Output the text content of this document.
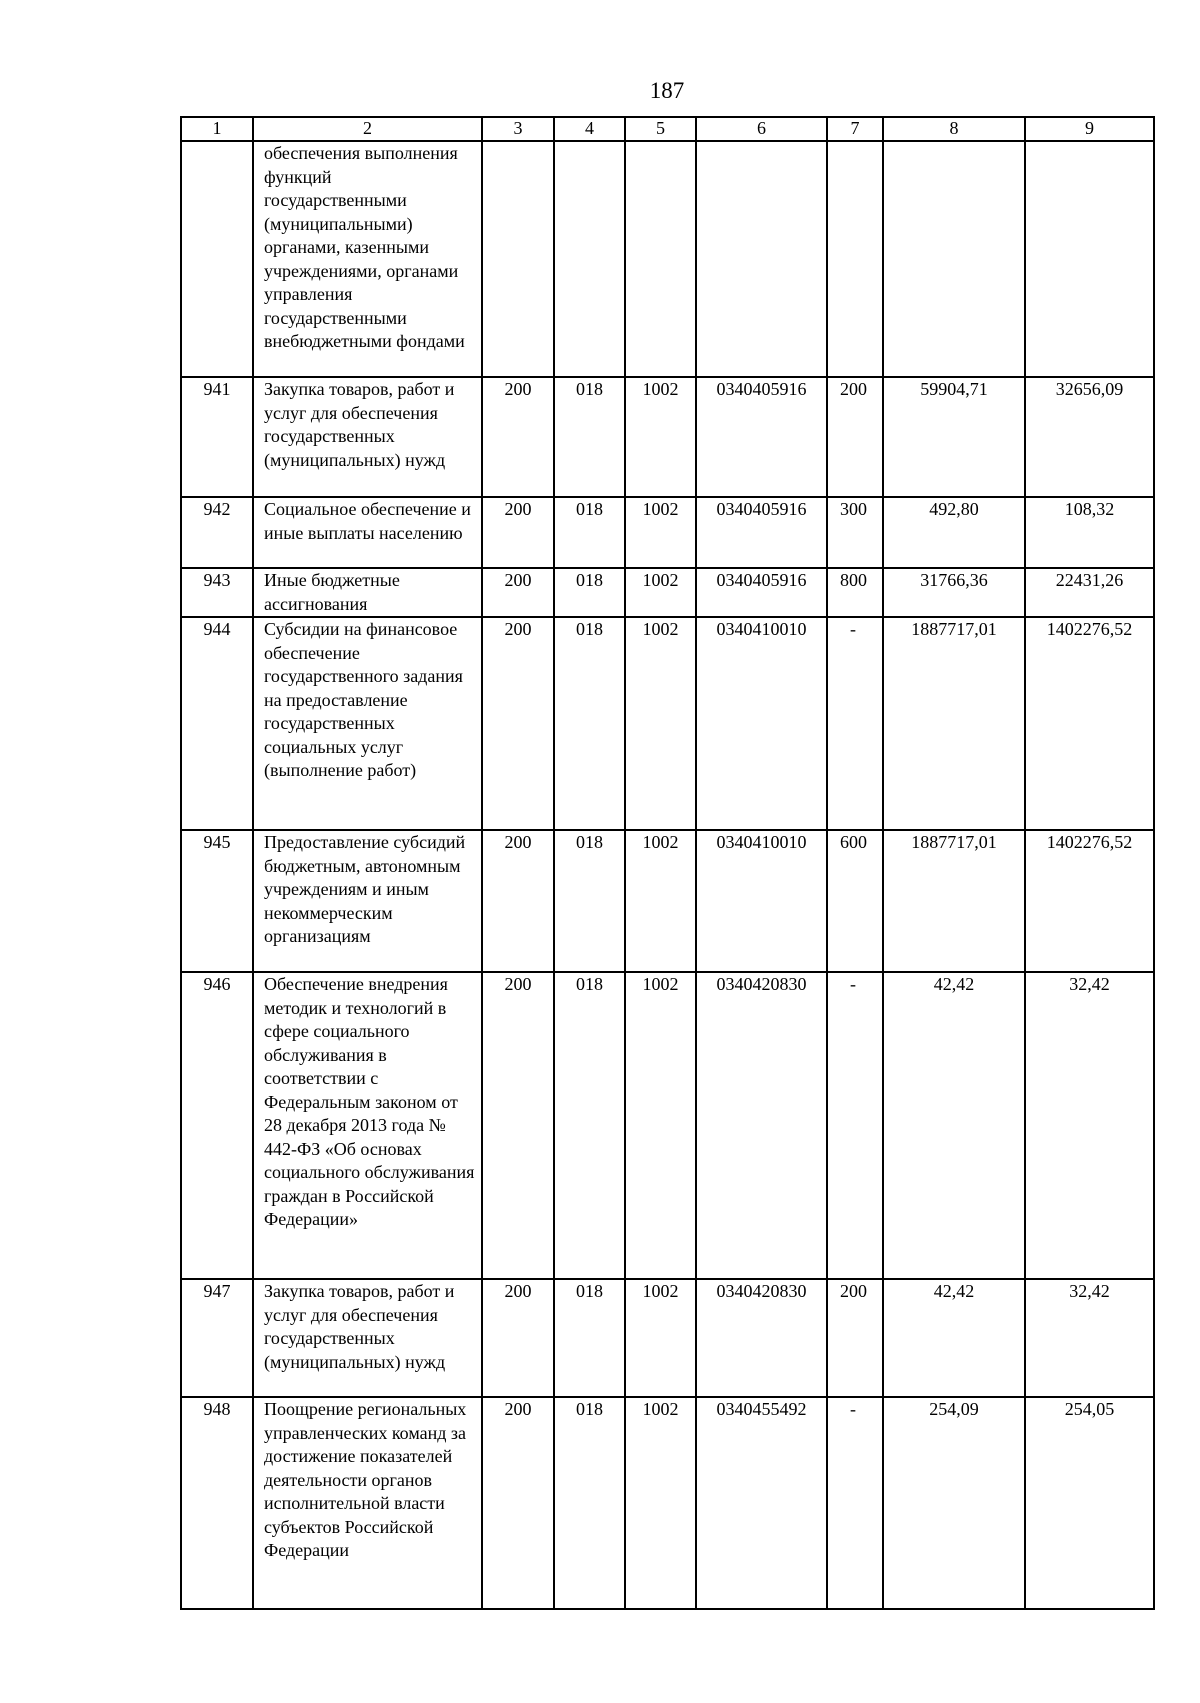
187
1	2	3	4	5	6	7	8	9
	обеспечения выполнения функций государственными (муниципальными) органами, казенными учреждениями, органами управления государственными внебюджетными фондами							
941	Закупка товаров, работ и услуг для обеспечения государственных (муниципальных) нужд	200	018	1002	0340405916	200	59904,71	32656,09
942	Социальное обеспечение и иные выплаты населению	200	018	1002	0340405916	300	492,80	108,32
943	Иные бюджетные ассигнования	200	018	1002	0340405916	800	31766,36	22431,26
944	Субсидии на финансовое обеспечение государственного задания на предоставление государственных социальных услуг (выполнение работ)	200	018	1002	0340410010	-	1887717,01	1402276,52
945	Предоставление субсидий бюджетным, автономным учреждениям и иным некоммерческим организациям	200	018	1002	0340410010	600	1887717,01	1402276,52
946	Обеспечение внедрения методик и технологий в сфере социального обслуживания в соответствии с Федеральным законом от 28 декабря 2013 года № 442-ФЗ «Об основах социального обслуживания граждан в Российской Федерации»	200	018	1002	0340420830	-	42,42	32,42
947	Закупка товаров, работ и услуг для обеспечения государственных (муниципальных) нужд	200	018	1002	0340420830	200	42,42	32,42
948	Поощрение региональных управленческих команд за достижение показателей деятельности органов исполнительной власти субъектов Российской Федерации	200	018	1002	0340455492	-	254,09	254,05
